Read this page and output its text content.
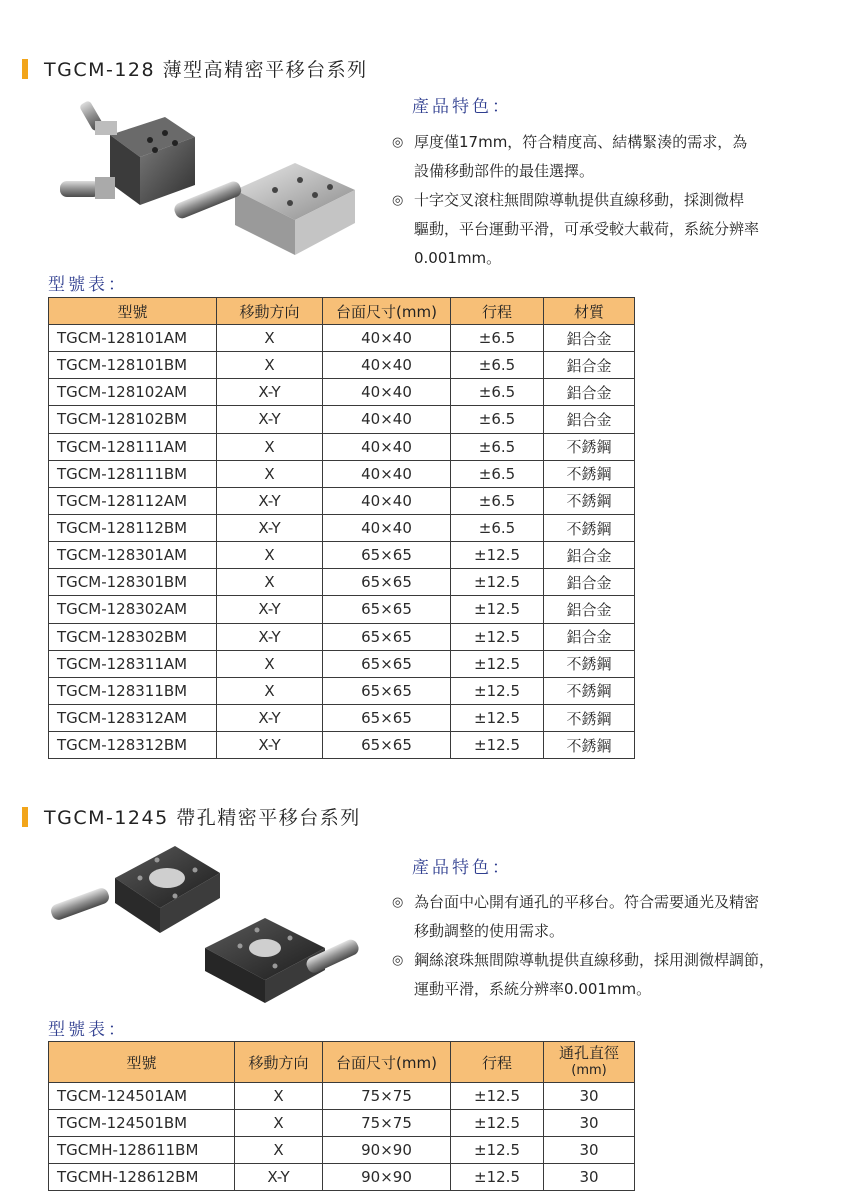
TGCM-128 薄型高精密平移台系列
產品特色：
◎ 厚度僅17mm，符合精度高、結構緊湊的需求，為
設備移動部件的最佳選擇。
◎ 十字交叉滾柱無間隙導軌提供直線移動，採測微桿
驅動，平台運動平滑，可承受較大載荷，系統分辨率
0.001mm。
型號表：
型號	移動方向	台面尺寸(mm)	行程	材質
TGCM-128101AM	X	40×40	±6.5	鋁合金
TGCM-128101BM	X	40×40	±6.5	鋁合金
TGCM-128102AM	X-Y	40×40	±6.5	鋁合金
TGCM-128102BM	X-Y	40×40	±6.5	鋁合金
TGCM-128111AM	X	40×40	±6.5	不銹鋼
TGCM-128111BM	X	40×40	±6.5	不銹鋼
TGCM-128112AM	X-Y	40×40	±6.5	不銹鋼
TGCM-128112BM	X-Y	40×40	±6.5	不銹鋼
TGCM-128301AM	X	65×65	±12.5	鋁合金
TGCM-128301BM	X	65×65	±12.5	鋁合金
TGCM-128302AM	X-Y	65×65	±12.5	鋁合金
TGCM-128302BM	X-Y	65×65	±12.5	鋁合金
TGCM-128311AM	X	65×65	±12.5	不銹鋼
TGCM-128311BM	X	65×65	±12.5	不銹鋼
TGCM-128312AM	X-Y	65×65	±12.5	不銹鋼
TGCM-128312BM	X-Y	65×65	±12.5	不銹鋼
TGCM-1245 帶孔精密平移台系列
產品特色：
◎ 為台面中心開有通孔的平移台。符合需要通光及精密
移動調整的使用需求。
◎ 鋼絲滾珠無間隙導軌提供直線移動，採用測微桿調節，
運動平滑，系統分辨率0.001mm。
型號表：
型號	移動方向	台面尺寸(mm)	行程	通孔直徑
(mm)

TGCM-124501AM	X	75×75	±12.5	30
TGCM-124501BM	X	75×75	±12.5	30
TGCMH-128611BM	X	90×90	±12.5	30
TGCMH-128612BM	X-Y	90×90	±12.5	30
